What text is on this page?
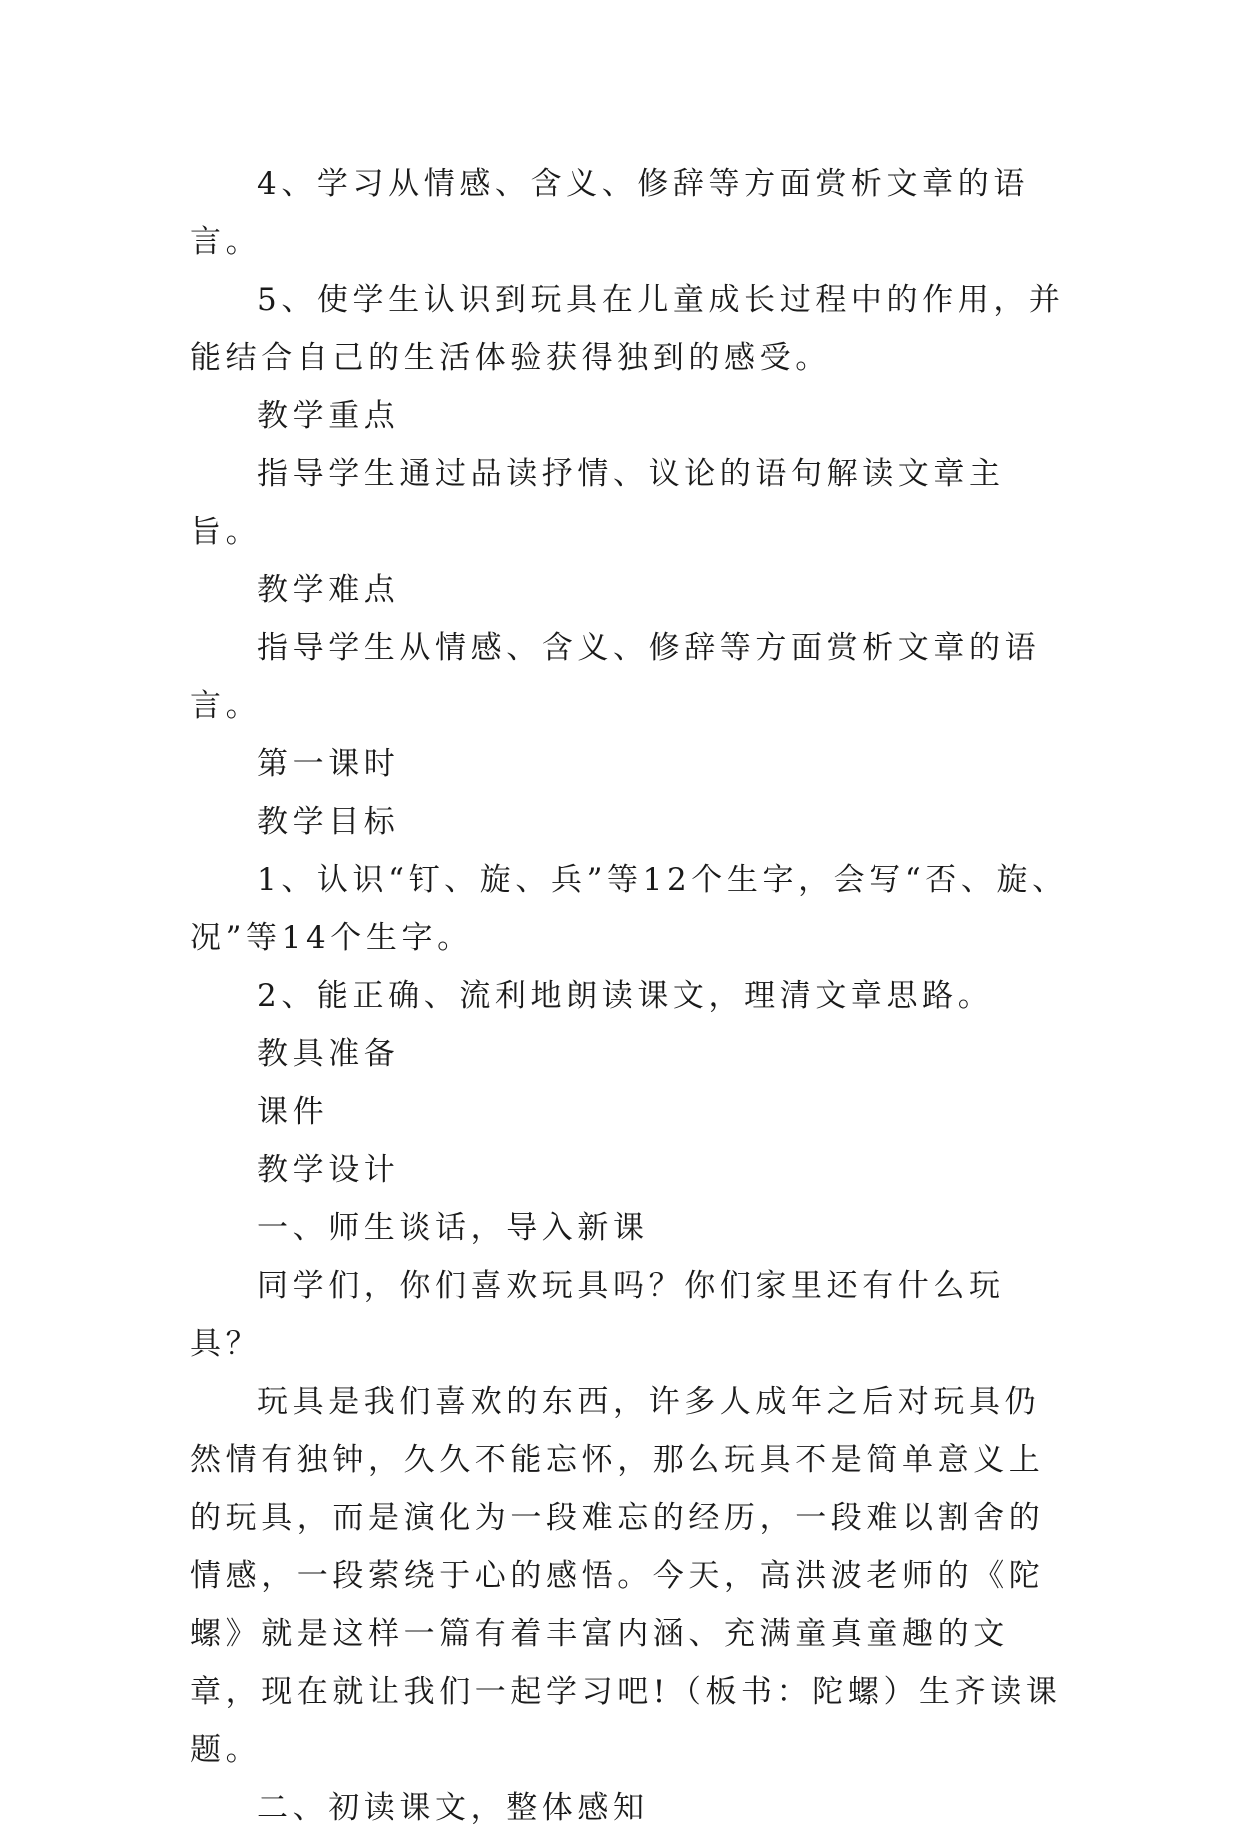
4、学习从情感、含义、修辞等方面赏析文章的语言。

5、使学生认识到玩具在儿童成长过程中的作用，并能结合自己的生活体验获得独到的感受。

教学重点

指导学生通过品读抒情、议论的语句解读文章主旨。

教学难点

指导学生从情感、含义、修辞等方面赏析文章的语言。

第一课时

教学目标

1、认识“钉、旋、兵”等12个生字，会写“否、旋、况”等14个生字。

2、能正确、流利地朗读课文，理清文章思路。

教具准备

课件

教学设计

一、师生谈话，导入新课

同学们，你们喜欢玩具吗？你们家里还有什么玩具？

玩具是我们喜欢的东西，许多人成年之后对玩具仍然情有独钟，久久不能忘怀，那么玩具不是简单意义上的玩具，而是演化为一段难忘的经历，一段难以割舍的情感，一段萦绕于心的感悟。今天，高洪波老师的《陀螺》就是这样一篇有着丰富内涵、充满童真童趣的文章，现在就让我们一起学习吧!（板书：陀螺）生齐读课题。

二、初读课文，整体感知
